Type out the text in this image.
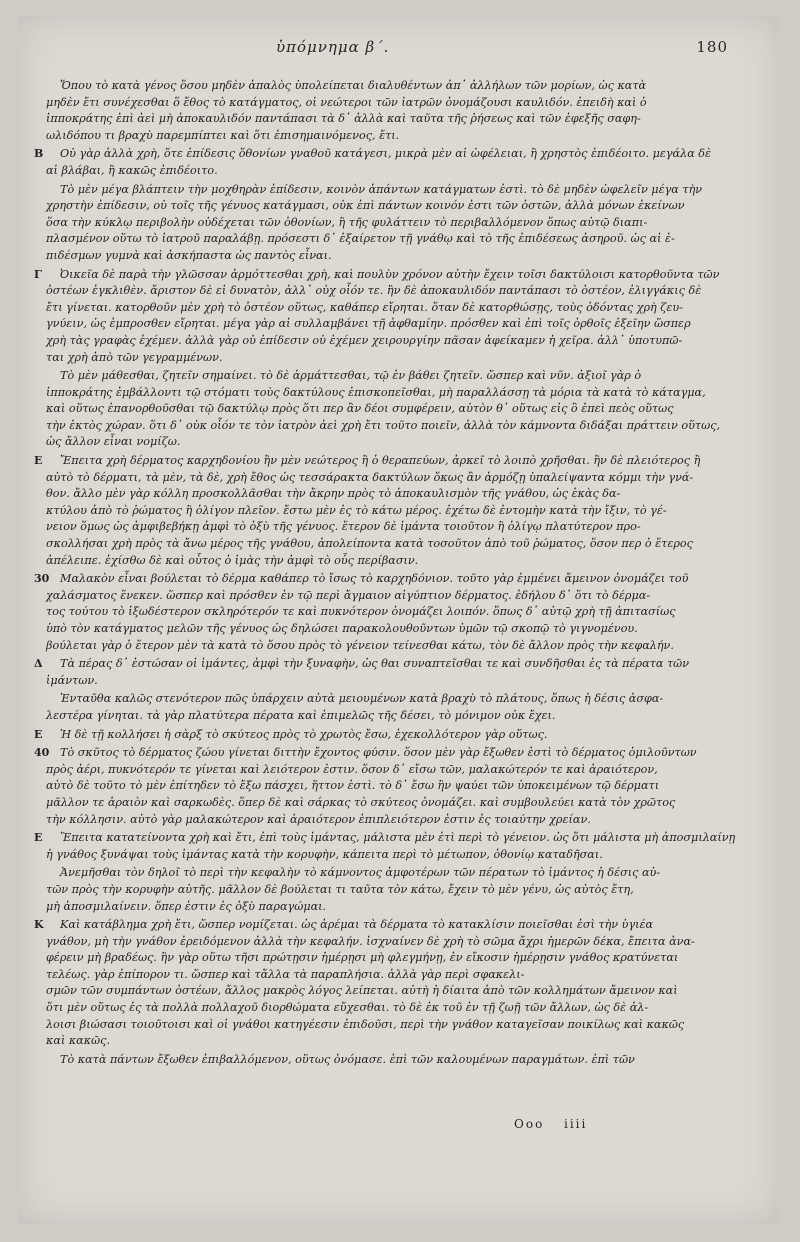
ὑπόμνημα β΄.	180
Ὅπου τὸ κατὰ γένος ὅσου μηδὲν ἁπαλὸς ὑπολείπεται διαλυθέντων ἀπ᾽ ἀλλήλων τῶν μορίων, ὡς κατὰ
μηδὲν ἔτι συνέχεσθαι ὅ ἔθος τὸ κατάγματος, οἱ νεώτεροι τῶν ἰατρῶν ὀνομάζουσι καυλιδόν. ἐπειδὴ καὶ ὁ
ἱπποκράτης ἐπὶ ἀεὶ μὴ ἀποκαυλιδόν παντάπασι τὰ δ᾽ ἀλλὰ καὶ ταῦτα τῆς ῥήσεως καὶ τῶν ἐφεξῆς σαφη-
ωλιδόπου τι βραχὺ παρεμπίπτει καὶ ὅτι ἐπισημαινόμενος, ἔτι.
B Οὐ γὰρ ἀλλὰ χρὴ, ὅτε ἐπίδεσις ὅθονίων γναθοῦ κατάγεσι, μικρὰ μὲν αἱ ὠφέλειαι, ἢ χρηστὸς ἐπιδέοιτο. μεγάλα δὲ
αἱ βλάβαι, ἢ κακῶς ἐπιδέοιτο.
Τὸ μὲν μέγα βλάπτειν τὴν μοχθηρὰν ἐπίδεσιν, κοινὸν ἁπάντων κατάγματων ἐστὶ. τὸ δὲ μηδὲν ὠφελεῖν μέγα τὴν
χρηστὴν ἐπίδεσιν, οὐ τοῖς τῆς γένυος κατάγμασι, οὐκ ἐπὶ πάντων κοινόν ἐστι τῶν ὀστῶν, ἀλλὰ μόνων ἐκείνων
ὅσα τὴν κύκλῳ περιβολὴν οὐδέχεται τῶν ὀθονίων, ἢ τῆς φυλάττειν τὸ περιβαλλόμενον ὅπως αὐτῷ διαπι-
πλασμένον οὕτω τὸ ἰατροῦ παραλάβῃ. πρόσεστι δ᾽ ἐξαίρετον τῇ γνάθῳ καὶ τὸ τῆς ἐπιδέσεως ἀσηροῦ. ὡς αἱ ἐ-
πιδέσμων γυμνὰ καὶ ἀσκήπαστα ὡς παντὸς εἶναι.
Γ Ὀικεῖα δὲ παρὰ τὴν γλῶσσαν ἁρμόττεσθαι χρὴ, καὶ πουλὺν χρόνον αὐτὴν ἔχειν τοῖσι δακτύλοισι κατορθοῦντα τῶν
ὀστέων ἐγκλιθὲν. ἄριστον δὲ εἰ δυνατὸν, ἀλλ᾽ οὐχ οἷόν τε. ἢν δὲ ἀποκαυλιδόν παντάπασι τὸ ὀστέον, ἐλιγγάκις δὲ
ἔτι γίνεται. κατορθοῦν μὲν χρὴ τὸ ὀστέον οὕτως, καθάπερ εἴρηται. ὅταν δὲ κατορθώσῃς, τοὺς ὀδόντας χρὴ ζευ-
γνύειν, ὡς ἐμπροσθεν εἴρηται. μέγα γὰρ αἱ συλλαμβάνει τῇ ἀφθαμίην. πρόσθεν καὶ ἐπὶ τοῖς ὀρθοῖς ἐξεῖην ὥσπερ
χρὴ τὰς γραφὰς ἐχέμεν. ἀλλὰ γὰρ οὐ ἐπίδεσιν οὐ ἐχέμεν χειρουργίην πᾶσαν ἀφείκαμεν ἡ χεῖρα. ἀλλ᾽ ὑποτυπῶ-
ται χρὴ ἀπὸ τῶν γεγραμμένων.
Τὸ μὲν μάθεσθαι, ζητεῖν σημαίνει. τὸ δὲ ἁρμάττεσθαι, τῷ ἐν βάθει ζητεῖν. ὥσπερ καὶ νῦν. ἀξιοῖ γὰρ ὁ
ἱπποκράτης ἐμβάλλοντι τῷ στόματι τοὺς δακτύλους ἐπισκοπεῖσθαι, μὴ παραλλάσσῃ τὰ μόρια τὰ κατὰ τὸ κάταγμα,
καὶ οὕτως ἐπανορθοῦσθαι τῷ δακτύλῳ πρὸς ὅτι περ ἂν δέοι συμφέρειν, αὐτὸν θ᾽ οὕτως εἰς ὃ ἐπεὶ πεὸς οὕτως
τὴν ἐκτὸς χώραν. ὅτι δ᾽ οὐκ οἷόν τε τὸν ἰατρὸν ἀεὶ χρὴ ἔτι τοῦτο ποιεῖν, ἀλλὰ τὸν κάμνοντα διδάξαι πράττειν οὕτως,
ὡς ἄλλον εἶναι νομίζω.
E Ἔπειτα χρὴ δέρματος καρχηδονίου ἢν μὲν νεώτερος ἢ ὁ θεραπεύων, ἀρκεῖ τὸ λοιπὸ χρῆσθαι. ἢν δὲ πλειότερος ἢ
αὐτὸ τὸ δέρματι, τὰ μὲν, τὰ δὲ, χρὴ ἔθος ὡς τεσσάρακτα δακτύλων ὅκως ἂν ἁρμόζῃ ὑπαλείψαντα κόμμι τὴν γνά-
θον. ἄλλο μὲν γὰρ κόλλη προσκολλᾶσθαι τὴν ἄκρην πρὸς τὸ ἀποκαυλισμὸν τῆς γνάθου, ὡς ἑκὰς δα-
κτύλου ἀπὸ τὸ ῥώματος ἢ ὀλίγον πλεῖον. ἔστω μὲν ἐς τὸ κάτω μέρος. ἐχέτω δὲ ἐντομὴν κατὰ τὴν ἴξιν, τὸ γέ-
νειον ὅμως ὡς ἀμφιβεβήκῃ ἀμφὶ τὸ ὀξὺ τῆς γένυος. ἕτερον δὲ ἱμάντα τοιοῦτον ἢ ὀλίγῳ πλατύτερον προ-
σκολλήσαι χρὴ πρὸς τὰ ἄνω μέρος τῆς γνάθου, ἀπολείποντα κατὰ τοσοῦτον ἀπὸ τοῦ ῥώματος, ὅσον περ ὁ ἕτερος
ἀπέλειπε. ἐχίσθω δὲ καὶ οὗτος ὁ ἱμὰς τὴν ἀμφὶ τὸ οὖς περίβασιν.
30 Μαλακὸν εἶναι βούλεται τὸ δέρμα καθάπερ τὸ ἴσως τὸ καρχηδόνιον. τοῦτο γὰρ ἐμμένει ἄμεινον ὀνομάζει τοῦ
χαλάσματος ἕνεκεν. ὥσπερ καὶ πρόσθεν ἐν τῷ περὶ ἄγμαιον αἰγύπτιον δέρματος. ἐδήλου δ᾽ ὅτι τὸ δέρμα-
τος τούτου τὸ ἰξωδέστερον σκληρότερόν τε καὶ πυκνότερον ὀνομάζει λοιπόν. ὅπως δ᾽ αὐτῷ χρὴ τῇ ἀπιτασίως
ὑπὸ τὸν κατάγματος μελῶν τῆς γένυος ὡς δηλώσει παρακολουθοῦντων ὑμῶν τῷ σκοπῷ τὸ γιγνομένου.
βούλεται γὰρ ὁ ἕτερον μὲν τὰ κατὰ τὸ ὅσου πρὸς τὸ γένειον τείνεσθαι κάτω, τὸν δὲ ἄλλον πρὸς τὴν κεφαλήν.
Δ Τὰ πέρας δ᾽ ἐστώσαν οἱ ἱμάντες, ἀμφὶ τὴν ξυναφὴν, ὡς θαι συναπτεῖσθαι τε καὶ συνδῆσθαι ἐς τὰ πέρατα τῶν
ἱμάντων.
Ἐνταῦθα καλῶς στενότερον πῶς ὑπάρχειν αὐτὰ μειουμένων κατὰ βραχὺ τὸ πλάτους, ὅπως ἡ δέσις ἀσφα-
λεστέρα γίνηται. τὰ γὰρ πλατύτερα πέρατα καὶ ἐπιμελῶς τῆς δέσει, τὸ μόνιμον οὐκ ἔχει.
E Ἡ δὲ τῇ κολλήσει ἡ σὰρξ τὸ σκύτεος πρὸς τὸ χρωτὸς ἔσω, ἐχεκολλότερον γὰρ οὕτως.
40 Τὸ σκῦτος τὸ δέρματος ζώου γίνεται διττὴν ἔχοντος φύσιν. ὅσον μὲν γὰρ ἔξωθεν ἐστὶ τὸ δέρματος ὁμιλοῦντων
πρὸς ἀέρι, πυκνότερόν τε γίνεται καὶ λειότερον ἐστιν. ὅσον δ᾽ εἴσω τῶν, μαλακώτερόν τε καὶ ἀραιότερον,
αὐτὸ δὲ τοῦτο τὸ μὲν ἐπίτηδεν τὸ ἔξω πάσχει, ἥττον ἐστὶ. τὸ δ᾽ ἔσω ἢν ψαύει τῶν ὑποκειμένων τῷ δέρματι
μᾶλλον τε ἀραιὸν καὶ σαρκωδὲς. ὅπερ δὲ καὶ σάρκας τὸ σκύτεος ὀνομάζει. καὶ συμβουλεύει κατὰ τὸν χρῶτος
τὴν κόλλησιν. αὐτὸ γὰρ μαλακώτερον καὶ ἀραιότερον ἐπιπλειότερον ἐστιν ἐς τοιαύτην χρείαν.
E Ἔπειτα κατατείνοντα χρὴ καὶ ἔτι, ἐπὶ τοὺς ἱμάντας, μάλιστα μὲν ἐτὶ περὶ τὸ γένειον. ὡς ὅτι μάλιστα μὴ ἀποσμιλαίνῃ
ἡ γνάθος ξυνάψαι τοὺς ἱμάντας κατὰ τὴν κορυφὴν, κάπειτα περὶ τὸ μέτωπον, ὀθονίῳ καταδῆσαι.
Ἀνεμῆσθαι τὸν δηλοῖ τὸ περὶ τὴν κεφαλὴν τὸ κάμνοντος ἀμφοτέρων τῶν πέρατων τὸ ἱμάντος ἡ δέσις αὐ-
τῶν πρὸς τὴν κορυφὴν αὐτῆς. μᾶλλον δὲ βούλεται τι ταῦτα τὸν κάτω, ἔχειν τὸ μὲν γένυ, ὡς αὐτὸς ἔτη,
μὴ ἀποσμιλαίνειν. ὅπερ ἐστιν ἐς ὀξὺ παραγώμαι.
K Καὶ κατάβλημα χρὴ ἔτι, ὥσπερ νομίζεται. ὡς ἀρέμαι τὰ δέρματα τὸ κατακλίσιν ποιεῖσθαι ἐσὶ τὴν ὑγιέα
γνάθον, μὴ τὴν γνάθον ἐρειδόμενον ἀλλὰ τὴν κεφαλήν. ἰσχναίνεν δὲ χρὴ τὸ σῶμα ἄχρι ἡμερῶν δέκα, ἔπειτα ἀνα-
φέρειν μὴ βραδέως. ἢν γὰρ οὕτω τῆσι πρώτῃσιν ἡμέρῃσι μὴ φλεγμήνῃ, ἐν εἴκοσιν ἡμέρῃσιν γνάθος κρατύνεται
τελέως. γὰρ ἐπίπορον τι. ὥσπερ καὶ τἄλλα τὰ παραπλήσια. ἀλλὰ γὰρ περὶ σφακελι-
σμῶν τῶν συμπάντων ὀστέων, ἄλλος μακρὸς λόγος λείπεται. αὐτὴ ἡ δίαιτα ἀπὸ τῶν κολλημάτων ἄμεινον καὶ
ὅτι μὲν οὕτως ἐς τὰ πολλὰ πολλαχοῦ διορθώματα εὔχεσθαι. τὸ δὲ ἐκ τοῦ ἐν τῇ ζωῇ τῶν ἄλλων, ὡς δὲ ἀλ-
λοισι βιώσασι τοιοῦτοισι καὶ οἱ γνάθοι κατηγέεσιν ἐπιδοῦσι, περὶ τὴν γνάθον καταγεῖσαν ποικίλως καὶ κακῶς
καὶ κακῶς.
Τὸ κατὰ πάντων ἔξωθεν ἐπιβαλλόμενον, οὕτως ὀνόμασε. ἐπὶ τῶν καλουμένων παραγμάτων. ἐπὶ τῶν
Ooo iiii
